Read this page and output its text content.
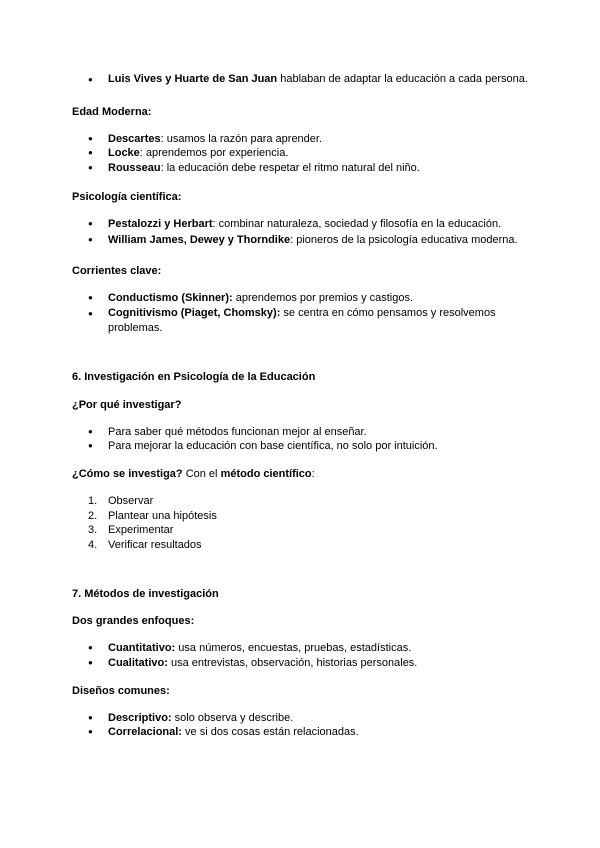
● Luis Vives y Huarte de San Juan hablaban de adaptar la educación a cada persona.

Edad Moderna:

● Descartes: usamos la razón para aprender.
● Locke: aprendemos por experiencia.
● Rousseau: la educación debe respetar el ritmo natural del niño.

Psicología científica:

● Pestalozzi y Herbart: combinar naturaleza, sociedad y filosofía en la educación.
● William James, Dewey y Thorndike: pioneros de la psicología educativa moderna.

Corrientes clave:

● Conductismo (Skinner): aprendemos por premios y castigos.
● Cognitivismo (Piaget, Chomsky): se centra en cómo pensamos y resolvemos problemas.

6. Investigación en Psicología de la Educación

¿Por qué investigar?

● Para saber qué métodos funcionan mejor al enseñar.
● Para mejorar la educación con base científica, no solo por intuición.

¿Cómo se investiga? Con el método científico:

1. Observar
2. Plantear una hipótesis
3. Experimentar
4. Verificar resultados

7. Métodos de investigación

Dos grandes enfoques:

● Cuantitativo: usa números, encuestas, pruebas, estadísticas.
● Cualitativo: usa entrevistas, observación, historias personales.

Diseños comunes:

● Descriptivo: solo observa y describe.
● Correlacional: ve si dos cosas están relacionadas.
